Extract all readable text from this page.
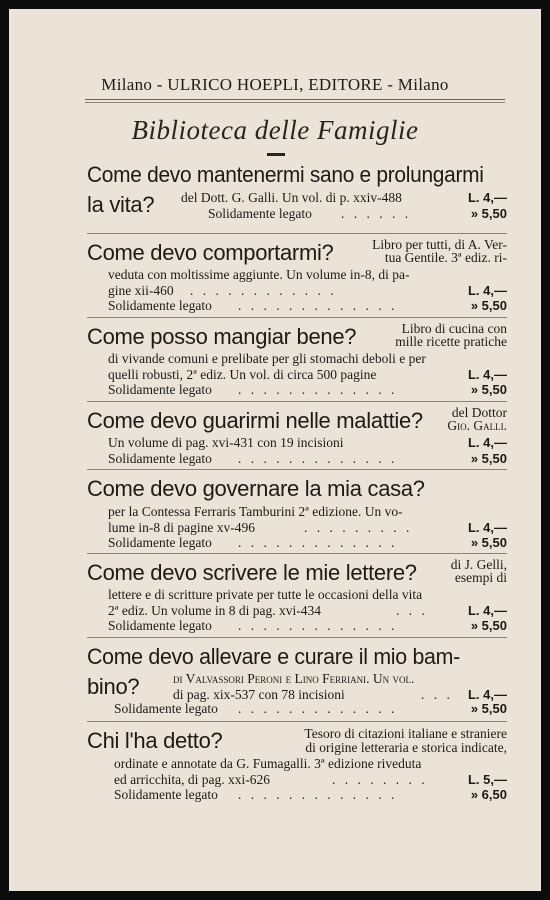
Milano - ULRICO HOEPLI, EDITORE - Milano
Biblioteca delle Famiglie
Come devo mantenermi sano e prolungarmi
la vita? del Dott. G. Galli. Un vol. di p. xxiv-488	L. 4,—
Solidamente legato . . . . . .	» 5,50
Come devo comportarmi?	Libro per tutti, di A. Ver-
tua Gentile. 3ª ediz. ri-
veduta con moltissime aggiunte. Un volume in-8, di pa-
gine xii-460 . . . . . . . . . . . .	L. 4,—
Solidamente legato . . . . . . . . . . . . .	» 5,50
Come posso mangiar bene?	Libro di cucina con
mille ricette pratiche
di vivande comuni e prelibate per gli stomachi deboli e per
quelli robusti, 2ª ediz. Un vol. di circa 500 pagine	L. 4,—
Solidamente legato . . . . . . . . . . . . .	» 5,50
Come devo guarirmi nelle malattie? del Dottor
Gio. Galli.
Un volume di pag. xvi-431 con 19 incisioni	L. 4,—
Solidamente legato . . . . . . . . . . . . .	» 5,50
Come devo governare la mia casa?
per la Contessa Ferraris Tamburini 2ª edizione. Un vo-
lume in-8 di pagine xv-496	. . . . . . . . .	L. 4,—
Solidamente legato . . . . . . . . . . . . .	» 5,50
Come devo scrivere le mie lettere?	di J. Gelli,
esempi di
lettere e di scritture private per tutte le occasioni della vita
2ª ediz. Un volume in 8 di pag. xvi-434	. . .	L. 4,—
Solidamente legato . . . . . . . . . . . . .	» 5,50
Come devo allevare e curare il mio bam-
bino? di Valvassori Peroni e Lino Ferriani. Un vol.
di pag. xix-537 con 78 incisioni	. . . L. 4,—
Solidamente legato . . . . . . . . . . . . .	» 5,50
Chi l'ha detto?	Tesoro di citazioni italiane e straniere
di origine letteraria e storica indicate,
ordinate e annotate da G. Fumagalli. 3ª edizione riveduta
ed arricchita, di pag. xxi-626	. . . . . . . .	L. 5,—
Solidamente legato . . . . . . . . . . . . .	» 6,50
